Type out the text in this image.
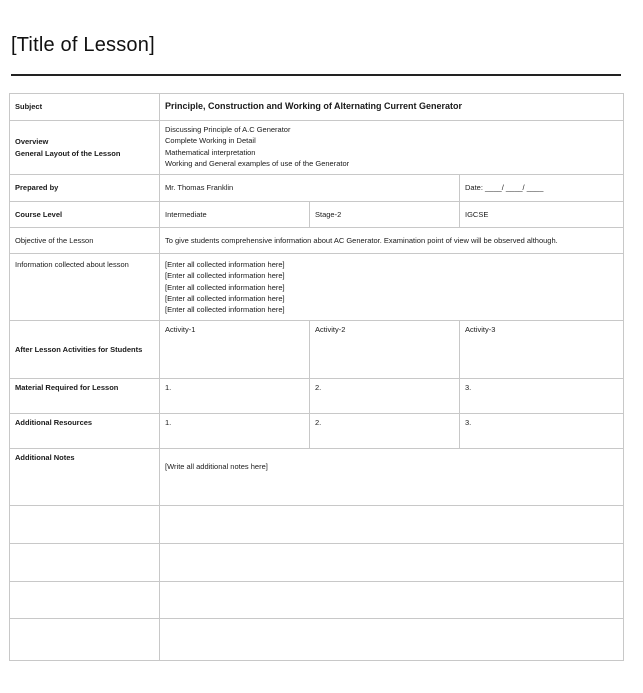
[Title of Lesson]
Subject	Principle, Construction and Working of Alternating Current Generator		

Overview
General Layout of the Lesson	Discussing Principle of A.C Generator
Complete Working in Detail
Mathematical interpretation
Working and General examples of use of the Generator		

Prepared by	Mr. Thomas Franklin		Date: ____/ ____/ ____
Course Level	Intermediate	Stage-2	IGCSE
Objective of the Lesson	To give students comprehensive information about AC Generator. Examination point of view will be observed although.		
Information collected about lesson	[Enter all collected information here]
[Enter all collected information here]
[Enter all collected information here]
[Enter all collected information here]
[Enter all collected information here]		

After Lesson Activities for Students	Activity-1	Activity-2	Activity-3
Material Required for Lesson	1.	2.	3.
Additional Resources	1.	2.	3.
Additional Notes	[Write all additional notes here]		
